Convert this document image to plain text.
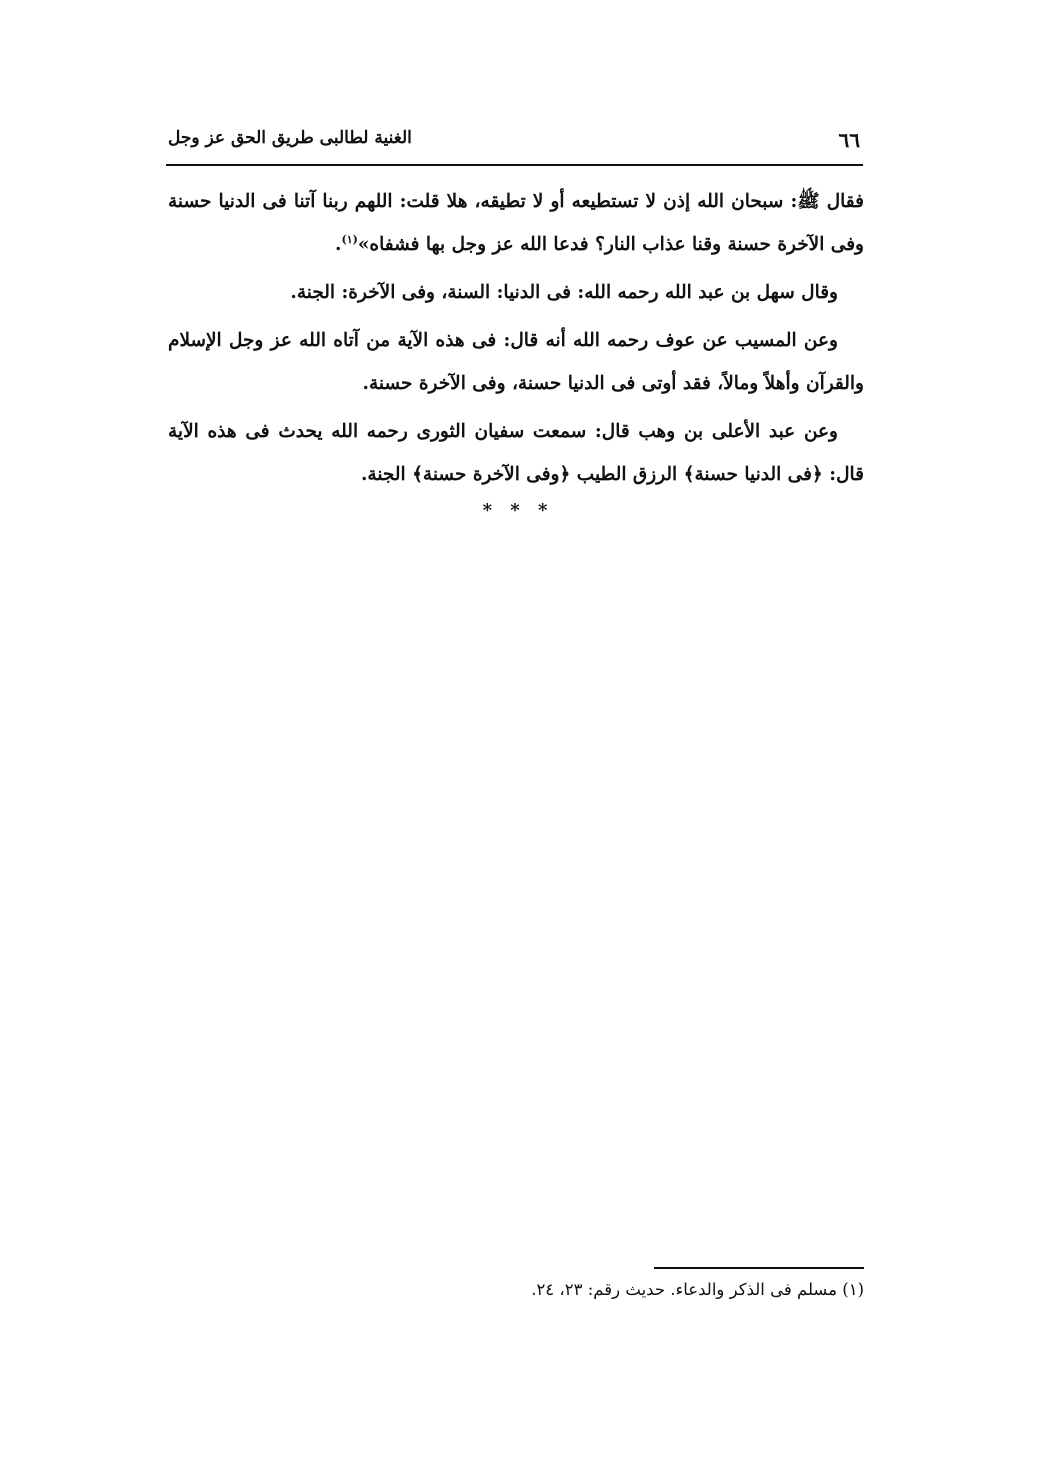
٦٦
الغنية لطالبى طريق الحق عز وجل

فقال ﷺ: سبحان الله إذن لا تستطيعه أو لا تطيقه، هلا قلت: اللهم ربنا آتنا فى الدنيا حسنة وفى الآخرة حسنة وقنا عذاب النار؟ فدعا الله عز وجل بها فشفاه»$^{(١)}$.

وقال سهل بن عبد الله رحمه الله: فى الدنيا: السنة، وفى الآخرة: الجنة.

وعن المسيب عن عوف رحمه الله أنه قال: فى هذه الآية من آتاه الله عز وجل الإسلام والقرآن وأهلاً ومالاً، فقد أوتى فى الدنيا حسنة، وفى الآخرة حسنة.

وعن عبد الأعلى بن وهب قال: سمعت سفيان الثورى رحمه الله يحدث فى هذه الآية قال: ﴿فى الدنيا حسنة﴾ الرزق الطيب ﴿وفى الآخرة حسنة﴾ الجنة.

* * *
(١) مسلم فى الذكر والدعاء. حديث رقم: ٢٣، ٢٤.
